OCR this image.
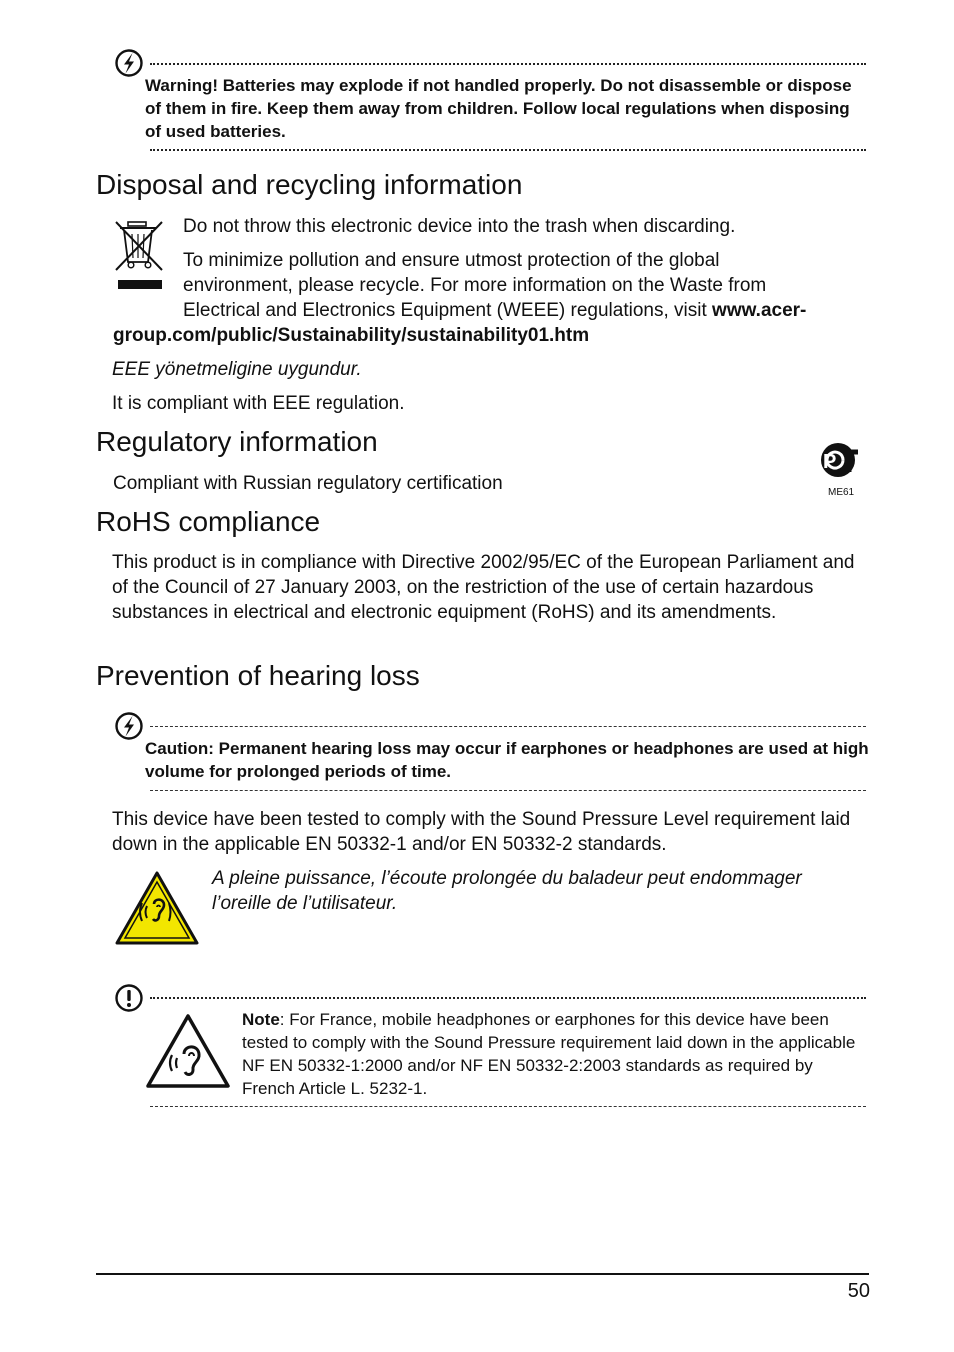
Warning! Batteries may explode if not handled properly. Do not disassemble or dispose of them in fire. Keep them away from children. Follow local regulations when disposing of used batteries.

Disposal and recycling information

Do not throw this electronic device into the trash when discarding.

To minimize pollution and ensure utmost protection of the global
environment, please recycle. For more information on the Waste from
Electrical and Electronics Equipment (WEEE) regulations, visit www.acer-

group.com/public/Sustainability/sustainability01.htm

EEE yönetmeligine uygundur.

It is compliant with EEE regulation.

Regulatory information

Compliant with Russian regulatory certification

P
ME61
RoHS compliance

This product is in compliance with Directive 2002/95/EC of the European Parliament and of the Council of 27 January 2003, on the restriction of the use of certain hazardous substances in electrical and electronic equipment (RoHS) and its amendments.

Prevention of hearing loss

Caution: Permanent hearing loss may occur if earphones or headphones are used at high volume for prolonged periods of time.

This device have been tested to comply with the Sound Pressure Level requirement laid down in the applicable EN 50332-1 and/or EN 50332-2 standards.

A pleine puissance, l’écoute prolongée du baladeur peut endommager l’oreille de l’utilisateur.

Note: For France, mobile headphones or earphones for this device have been tested to comply with the Sound Pressure requirement laid down in the applicable NF EN 50332-1:2000 and/or NF EN 50332-2:2003 standards as required by French Article L. 5232-1.

50
